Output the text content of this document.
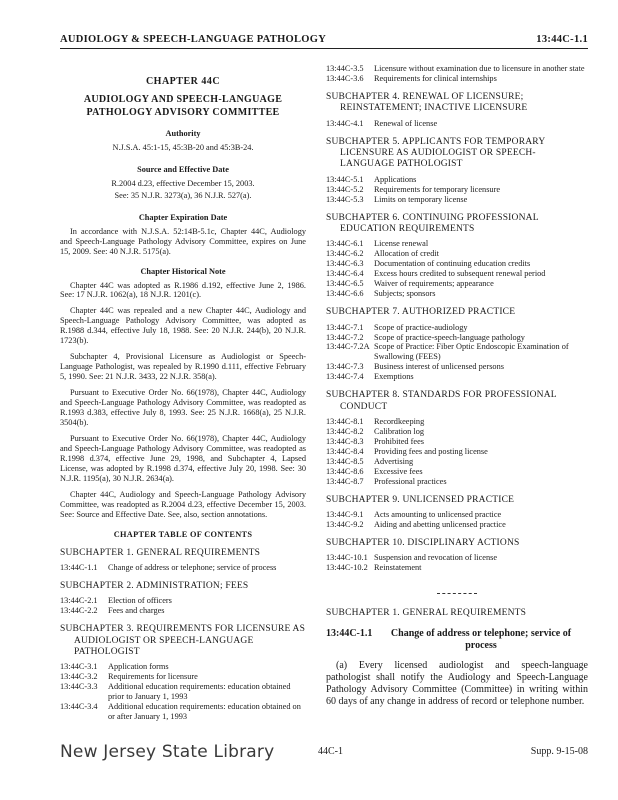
AUDIOLOGY & SPEECH-LANGUAGE PATHOLOGY	13:44C-1.1
CHAPTER 44C
AUDIOLOGY AND SPEECH-LANGUAGE PATHOLOGY ADVISORY COMMITTEE
Authority
N.J.S.A. 45:1-15, 45:3B-20 and 45:3B-24.
Source and Effective Date
R.2004 d.23, effective December 15, 2003.
See: 35 N.J.R. 3273(a), 36 N.J.R. 527(a).
Chapter Expiration Date
In accordance with N.J.S.A. 52:14B-5.1c, Chapter 44C, Audiology and Speech-Language Pathology Advisory Committee, expires on June 15, 2009. See: 40 N.J.R. 5175(a).
Chapter Historical Note
Chapter 44C was adopted as R.1986 d.192, effective June 2, 1986. See: 17 N.J.R. 1062(a), 18 N.J.R. 1201(c).
Chapter 44C was repealed and a new Chapter 44C, Audiology and Speech-Language Pathology Advisory Committee, was adopted as R.1988 d.344, effective July 18, 1988. See: 20 N.J.R. 244(b), 20 N.J.R. 1723(b).
Subchapter 4, Provisional Licensure as Audiologist or Speech-Language Pathologist, was repealed by R.1990 d.111, effective February 5, 1990. See: 21 N.J.R. 3433, 22 N.J.R. 358(a).
Pursuant to Executive Order No. 66(1978), Chapter 44C, Audiology and Speech-Language Pathology Advisory Committee, was readopted as R.1993 d.383, effective July 8, 1993. See: 25 N.J.R. 1668(a), 25 N.J.R. 3504(b).
Pursuant to Executive Order No. 66(1978), Chapter 44C, Audiology and Speech-Language Pathology Advisory Committee, was readopted as R.1998 d.374, effective June 29, 1998, and Subchapter 4, Lapsed License, was adopted by R.1998 d.374, effective July 20, 1998. See: 30 N.J.R. 1195(a), 30 N.J.R. 2634(a).
Chapter 44C, Audiology and Speech-Language Pathology Advisory Committee, was readopted as R.2004 d.23, effective December 15, 2003. See: Source and Effective Date. See, also, section annotations.
CHAPTER TABLE OF CONTENTS
SUBCHAPTER 1. GENERAL REQUIREMENTS
13:44C-1.1	Change of address or telephone; service of process
SUBCHAPTER 2. ADMINISTRATION; FEES
13:44C-2.1	Election of officers
13:44C-2.2	Fees and charges
SUBCHAPTER 3. REQUIREMENTS FOR LICENSURE AS
AUDIOLOGIST OR SPEECH-LANGUAGE
PATHOLOGIST
13:44C-3.1	Application forms
13:44C-3.2	Requirements for licensure
13:44C-3.3	Additional education requirements: education obtained prior to January 1, 1993
13:44C-3.4	Additional education requirements: education obtained on or after January 1, 1993
13:44C-3.5	Licensure without examination due to licensure in another state
13:44C-3.6	Requirements for clinical internships
SUBCHAPTER 4. RENEWAL OF LICENSURE;
REINSTATEMENT; INACTIVE LICENSURE
13:44C-4.1	Renewal of license
SUBCHAPTER 5. APPLICANTS FOR TEMPORARY
LICENSURE AS AUDIOLOGIST OR SPEECH-
LANGUAGE PATHOLOGIST
13:44C-5.1	Applications
13:44C-5.2	Requirements for temporary licensure
13:44C-5.3	Limits on temporary license
SUBCHAPTER 6. CONTINUING PROFESSIONAL
EDUCATION REQUIREMENTS
13:44C-6.1	License renewal
13:44C-6.2	Allocation of credit
13:44C-6.3	Documentation of continuing education credits
13:44C-6.4	Excess hours credited to subsequent renewal period
13:44C-6.5	Waiver of requirements; appearance
13:44C-6.6	Subjects; sponsors
SUBCHAPTER 7. AUTHORIZED PRACTICE
13:44C-7.1	Scope of practice-audiology
13:44C-7.2	Scope of practice-speech-language pathology
13:44C-7.2A Scope of Practice: Fiber Optic Endoscopic Examination of Swallowing (FEES)
13:44C-7.3	Business interest of unlicensed persons
13:44C-7.4	Exemptions
SUBCHAPTER 8. STANDARDS FOR PROFESSIONAL
CONDUCT
13:44C-8.1	Recordkeeping
13:44C-8.2	Calibration log
13:44C-8.3	Prohibited fees
13:44C-8.4	Providing fees and posting license
13:44C-8.5	Advertising
13:44C-8.6	Excessive fees
13:44C-8.7	Professional practices
SUBCHAPTER 9. UNLICENSED PRACTICE
13:44C-9.1	Acts amounting to unlicensed practice
13:44C-9.2	Aiding and abetting unlicensed practice
SUBCHAPTER 10. DISCIPLINARY ACTIONS
13:44C-10.1 Suspension and revocation of license
13:44C-10.2 Reinstatement
SUBCHAPTER 1. GENERAL REQUIREMENTS
13:44C-1.1	Change of address or telephone; service of process
(a) Every licensed audiologist and speech-language pathologist shall notify the Audiology and Speech-Language Pathology Advisory Committee (Committee) in writing within 60 days of any change in address of record or telephone number.
New Jersey State Library	44C-1	Supp. 9-15-08
